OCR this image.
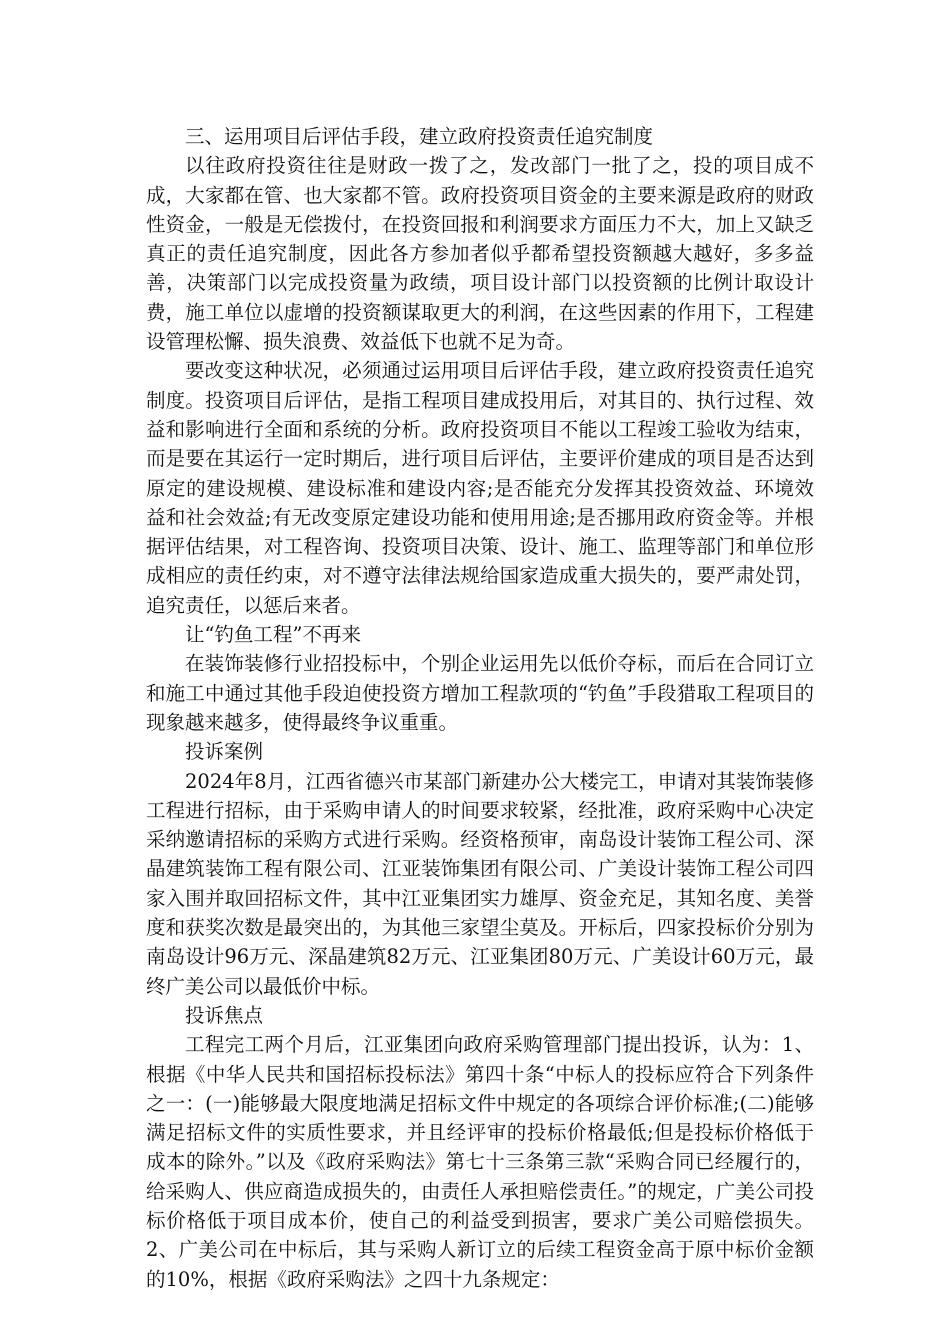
三、运用项目后评估手段，建立政府投资责任追究制度

以往政府投资往往是财政一拨了之，发改部门一批了之，投的项目成不成，大家都在管、也大家都不管。政府投资项目资金的主要来源是政府的财政性资金，一般是无偿拨付，在投资回报和利润要求方面压力不大，加上又缺乏真正的责任追究制度，因此各方参加者似乎都希望投资额越大越好，多多益善，决策部门以完成投资量为政绩，项目设计部门以投资额的比例计取设计费，施工单位以虚增的投资额谋取更大的利润，在这些因素的作用下，工程建设管理松懈、损失浪费、效益低下也就不足为奇。

要改变这种状况，必须通过运用项目后评估手段，建立政府投资责任追究制度。投资项目后评估，是指工程项目建成投用后，对其目的、执行过程、效益和影响进行全面和系统的分析。政府投资项目不能以工程竣工验收为结束，而是要在其运行一定时期后，进行项目后评估，主要评价建成的项目是否达到原定的建设规模、建设标准和建设内容;是否能充分发挥其投资效益、环境效益和社会效益;有无改变原定建设功能和使用用途;是否挪用政府资金等。并根据评估结果，对工程咨询、投资项目决策、设计、施工、监理等部门和单位形成相应的责任约束，对不遵守法律法规给国家造成重大损失的，要严肃处罚，追究责任，以惩后来者。

让“钓鱼工程”不再来

在装饰装修行业招投标中，个别企业运用先以低价夺标，而后在合同订立和施工中通过其他手段迫使投资方增加工程款项的“钓鱼”手段猎取工程项目的现象越来越多，使得最终争议重重。

投诉案例

2024年8月，江西省德兴市某部门新建办公大楼完工，申请对其装饰装修工程进行招标，由于采购申请人的时间要求较紧，经批准，政府采购中心决定采纳邀请招标的采购方式进行采购。经资格预审，南岛设计装饰工程公司、深晶建筑装饰工程有限公司、江亚装饰集团有限公司、广美设计装饰工程公司四家入围并取回招标文件，其中江亚集团实力雄厚、资金充足，其知名度、美誉度和获奖次数是最突出的，为其他三家望尘莫及。开标后，四家投标价分别为南岛设计96万元、深晶建筑82万元、江亚集团80万元、广美设计60万元，最终广美公司以最低价中标。

投诉焦点

工程完工两个月后，江亚集团向政府采购管理部门提出投诉，认为：1、根据《中华人民共和国招标投标法》第四十条“中标人的投标应符合下列条件之一：(一)能够最大限度地满足招标文件中规定的各项综合评价标准;(二)能够满足招标文件的实质性要求，并且经评审的投标价格最低;但是投标价格低于成本的除外。”以及《政府采购法》第七十三条第三款“采购合同已经履行的，给采购人、供应商造成损失的，由责任人承担赔偿责任。”的规定，广美公司投标价格低于项目成本价，使自己的利益受到损害，要求广美公司赔偿损失。2、广美公司在中标后，其与采购人新订立的后续工程资金高于原中标价金额的10%，根据《政府采购法》之四十九条规定：
